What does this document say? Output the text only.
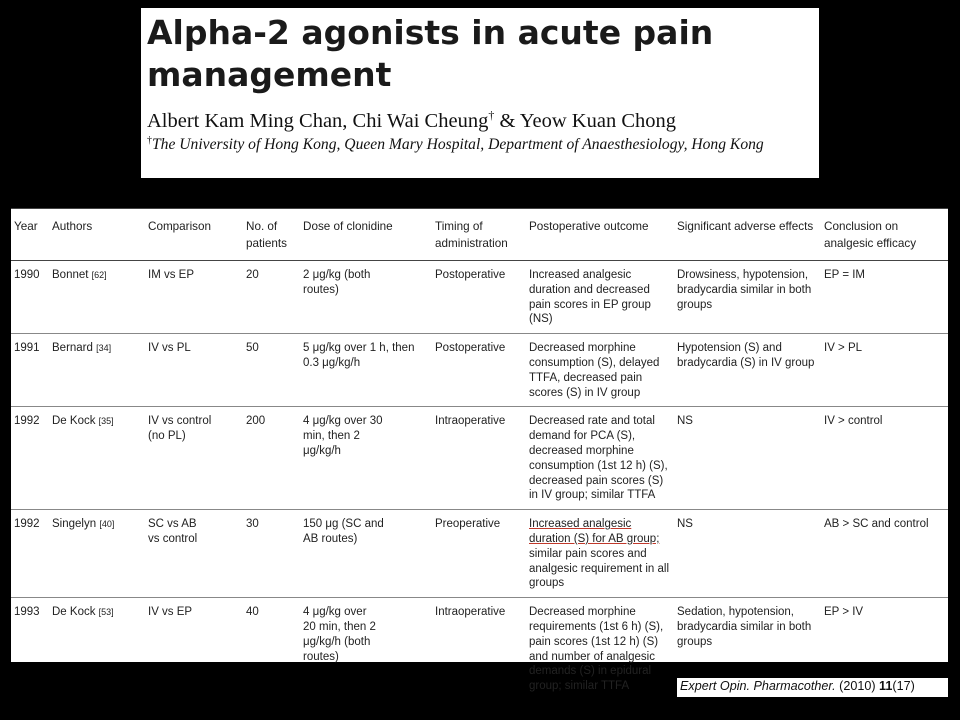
Alpha-2 agonists in acute pain management
Albert Kam Ming Chan, Chi Wai Cheung† & Yeow Kuan Chong
†The University of Hong Kong, Queen Mary Hospital, Department of Anaesthesiology, Hong Kong
Year	Authors	Comparison	No. of patients	Dose of clonidine	Timing of administration	Postoperative outcome	Significant adverse effects	Conclusion on analgesic efficacy
1990	Bonnet [62]	IM vs EP	20	2 μg/kg (both routes)	Postoperative	Increased analgesic duration and decreased pain scores in EP group (NS)	Drowsiness, hypotension, bradycardia similar in both groups	EP = IM
1991	Bernard [34]	IV vs PL	50	5 μg/kg over 1 h, then 0.3 μg/kg/h	Postoperative	Decreased morphine consumption (S), delayed TTFA, decreased pain scores (S) in IV group	Hypotension (S) and bradycardia (S) in IV group	IV > PL
1992	De Kock [35]	IV vs control (no PL)	200	4 μg/kg over 30 min, then 2 μg/kg/h	Intraoperative	Decreased rate and total demand for PCA (S), decreased morphine consumption (1st 12 h) (S), decreased pain scores (S) in IV group; similar TTFA	NS	IV > control
1992	Singelyn [40]	SC vs AB vs control	30	150 μg (SC and AB routes)	Preoperative	Increased analgesic duration (S) for AB group; similar pain scores and analgesic requirement in all groups	NS	AB > SC and control
1993	De Kock [53]	IV vs EP	40	4 μg/kg over 20 min, then 2 μg/kg/h (both routes)	Intraoperative	Decreased morphine requirements (1st 6 h) (S), pain scores (1st 12 h) (S) and number of analgesic demands (S) in epidural group; similar TTFA	Sedation, hypotension, bradycardia similar in both groups	EP > IV
Expert Opin. Pharmacother. (2010) 11(17)
